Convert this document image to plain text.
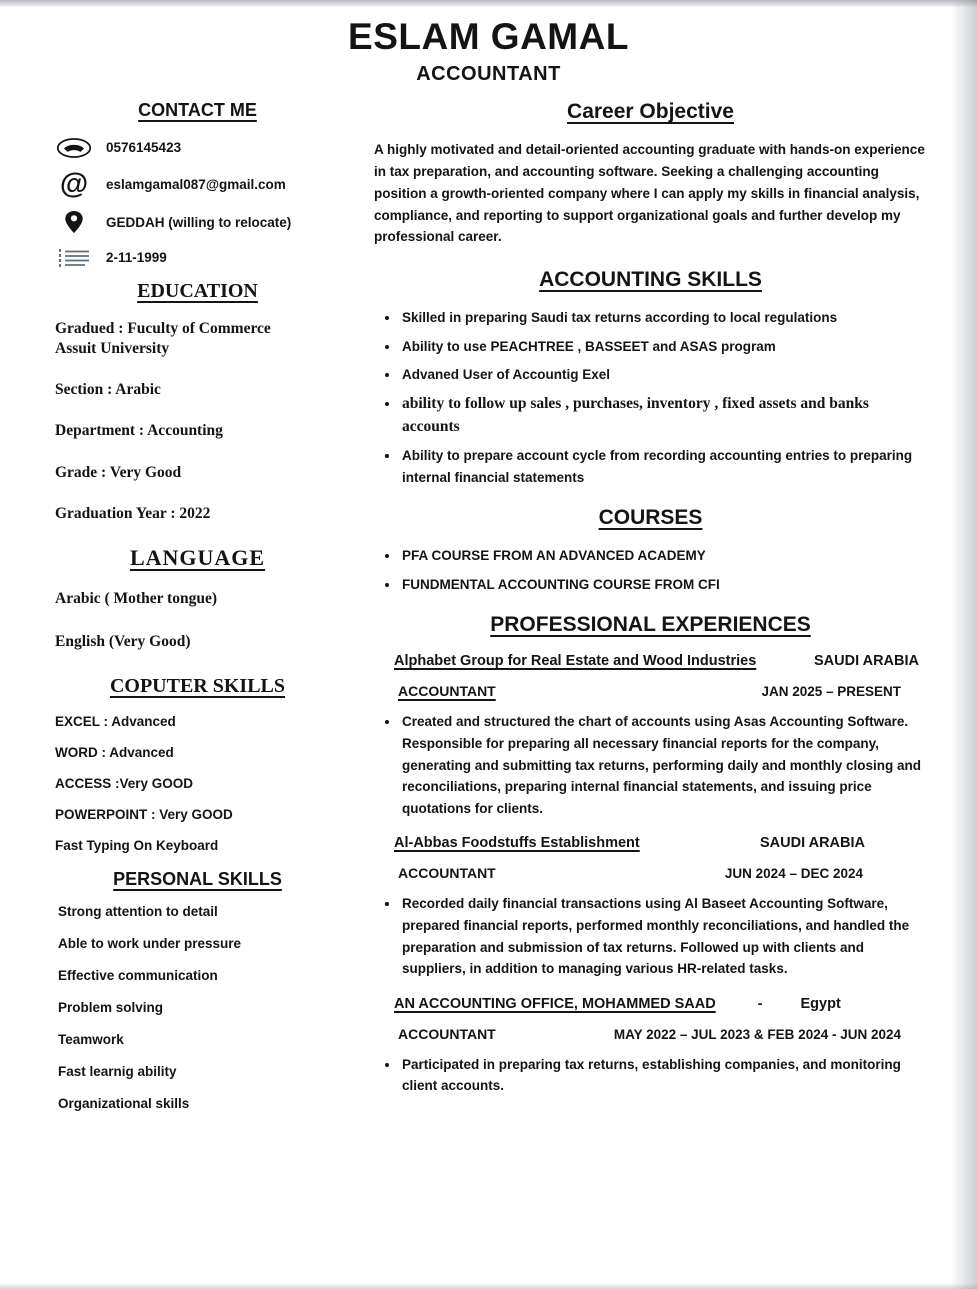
ESLAM GAMAL
ACCOUNTANT
CONTACT ME
0576145423
@	eslamgamal087@gmail.com
GEDDAH (willing to relocate)
2-11-1999
EDUCATION
Gradued : Fuculty of Commerce Assuit University
Section : Arabic
Department : Accounting
Grade : Very Good
Graduation Year : 2022
LANGUAGE
Arabic ( Mother tongue)
English (Very Good)
COPUTER SKILLS
EXCEL : Advanced
WORD : Advanced
ACCESS :Very GOOD
POWERPOINT : Very GOOD
Fast Typing On Keyboard
PERSONAL SKILLS
Strong attention to detail
Able to work under pressure
Effective communication
Problem solving
Teamwork
Fast learnig ability
Organizational skills
Career Objective

A highly motivated and detail-oriented accounting graduate with hands-on experience in tax preparation, and accounting software. Seeking a challenging accounting position a growth-oriented company where I can apply my skills in financial analysis, compliance, and reporting to support organizational goals and further develop my professional career.

ACCOUNTING SKILLS
• Skilled in preparing Saudi tax returns according to local regulations
• Ability to use PEACHTREE , BASSEET and ASAS program
• Advaned User of Accountig Exel
• ability to follow up sales , purchases, inventory , fixed assets and banks accounts
• Ability to prepare account cycle from recording accounting entries to preparing internal financial statements
COURSES
• PFA COURSE FROM AN ADVANCED ACADEMY
• FUNDMENTAL ACCOUNTING COURSE FROM CFI
PROFESSIONAL EXPERIENCES
Alphabet Group for Real Estate and Wood Industries	SAUDI ARABIA
ACCOUNTANT	JAN 2025 – PRESENT
• Created and structured the chart of accounts using Asas Accounting Software. Responsible for preparing all necessary financial reports for the company, generating and submitting tax returns, performing daily and monthly closing and reconciliations, preparing internal financial statements, and issuing price quotations for clients.
Al-Abbas Foodstuffs Establishment	SAUDI ARABIA
ACCOUNTANT	JUN 2024 – DEC 2024
• Recorded daily financial transactions using Al Baseet Accounting Software, prepared financial reports, performed monthly reconciliations, and handled the preparation and submission of tax returns. Followed up with clients and suppliers, in addition to managing various HR-related tasks.
AN ACCOUNTING OFFICE, MOHAMMED SAAD	-	Egypt
ACCOUNTANT	MAY 2022 – JUL 2023 & FEB 2024 - JUN 2024
• Participated in preparing tax returns, establishing companies, and monitoring client accounts.
